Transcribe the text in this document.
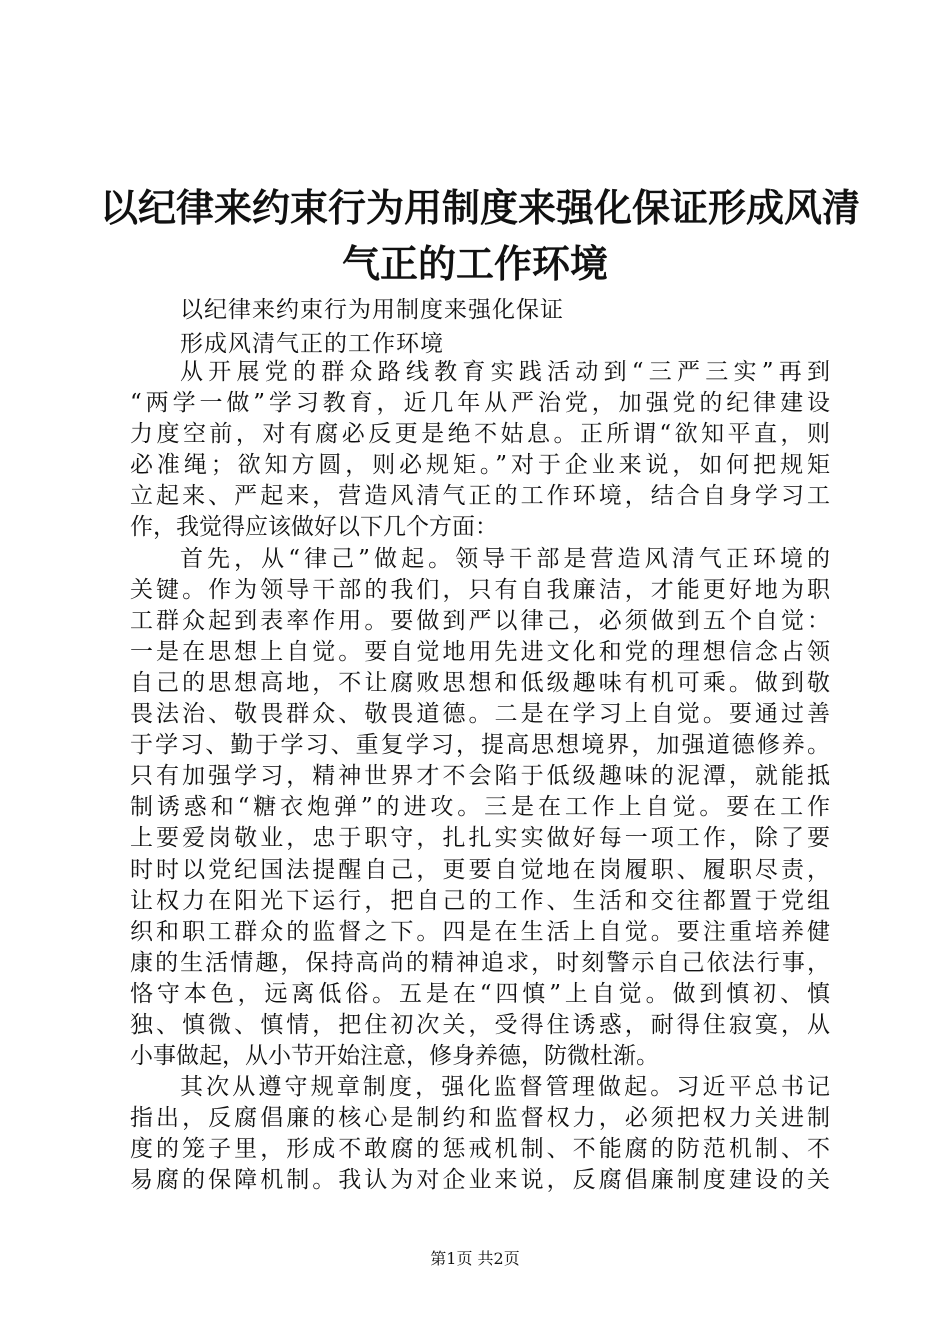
以纪律来约束行为用制度来强化保证形成风清
气正的工作环境
以纪律来约束行为用制度来强化保证
形成风清气正的工作环境
从开展党的群众路线教育实践活动到“三严三实”再到
“两学一做”学习教育，近几年从严治党，加强党的纪律建设
力度空前，对有腐必反更是绝不姑息。正所谓“欲知平直，则
必准绳；欲知方圆，则必规矩。”对于企业来说，如何把规矩
立起来、严起来，营造风清气正的工作环境，结合自身学习工
作，我觉得应该做好以下几个方面：
首先，从“律己”做起。领导干部是营造风清气正环境的
关键。作为领导干部的我们，只有自我廉洁，才能更好地为职
工群众起到表率作用。要做到严以律己，必须做到五个自觉：
一是在思想上自觉。要自觉地用先进文化和党的理想信念占领
自己的思想高地，不让腐败思想和低级趣味有机可乘。做到敬
畏法治、敬畏群众、敬畏道德。二是在学习上自觉。要通过善
于学习、勤于学习、重复学习，提高思想境界，加强道德修养。
只有加强学习，精神世界才不会陷于低级趣味的泥潭，就能抵
制诱惑和“糖衣炮弹”的进攻。三是在工作上自觉。要在工作
上要爱岗敬业，忠于职守，扎扎实实做好每一项工作，除了要
时时以党纪国法提醒自己，更要自觉地在岗履职、履职尽责，
让权力在阳光下运行，把自己的工作、生活和交往都置于党组
织和职工群众的监督之下。四是在生活上自觉。要注重培养健
康的生活情趣，保持高尚的精神追求，时刻警示自己依法行事，
恪守本色，远离低俗。五是在“四慎”上自觉。做到慎初、慎
独、慎微、慎情，把住初次关，受得住诱惑，耐得住寂寞，从
小事做起，从小节开始注意，修身养德，防微杜渐。
其次从遵守规章制度，强化监督管理做起。习近平总书记
指出，反腐倡廉的核心是制约和监督权力，必须把权力关进制
度的笼子里，形成不敢腐的惩戒机制、不能腐的防范机制、不
易腐的保障机制。我认为对企业来说，反腐倡廉制度建设的关
第1页 共2页
